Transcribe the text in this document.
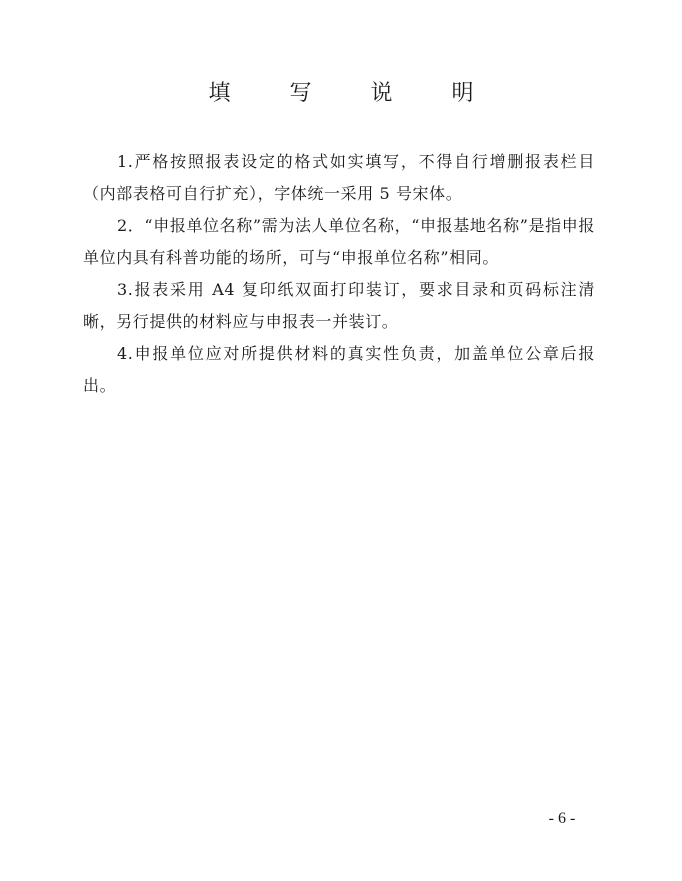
填 写 说 明

1.严格按照报表设定的格式如实填写，不得自行增删报表栏目（内部表格可自行扩充），字体统一采用 5 号宋体。

2．“申报单位名称”需为法人单位名称，“申报基地名称”是指申报单位内具有科普功能的场所，可与“申报单位名称”相同。

3.报表采用 A4 复印纸双面打印装订，要求目录和页码标注清晰，另行提供的材料应与申报表一并装订。

4.申报单位应对所提供材料的真实性负责，加盖单位公章后报出。

- 6 -
